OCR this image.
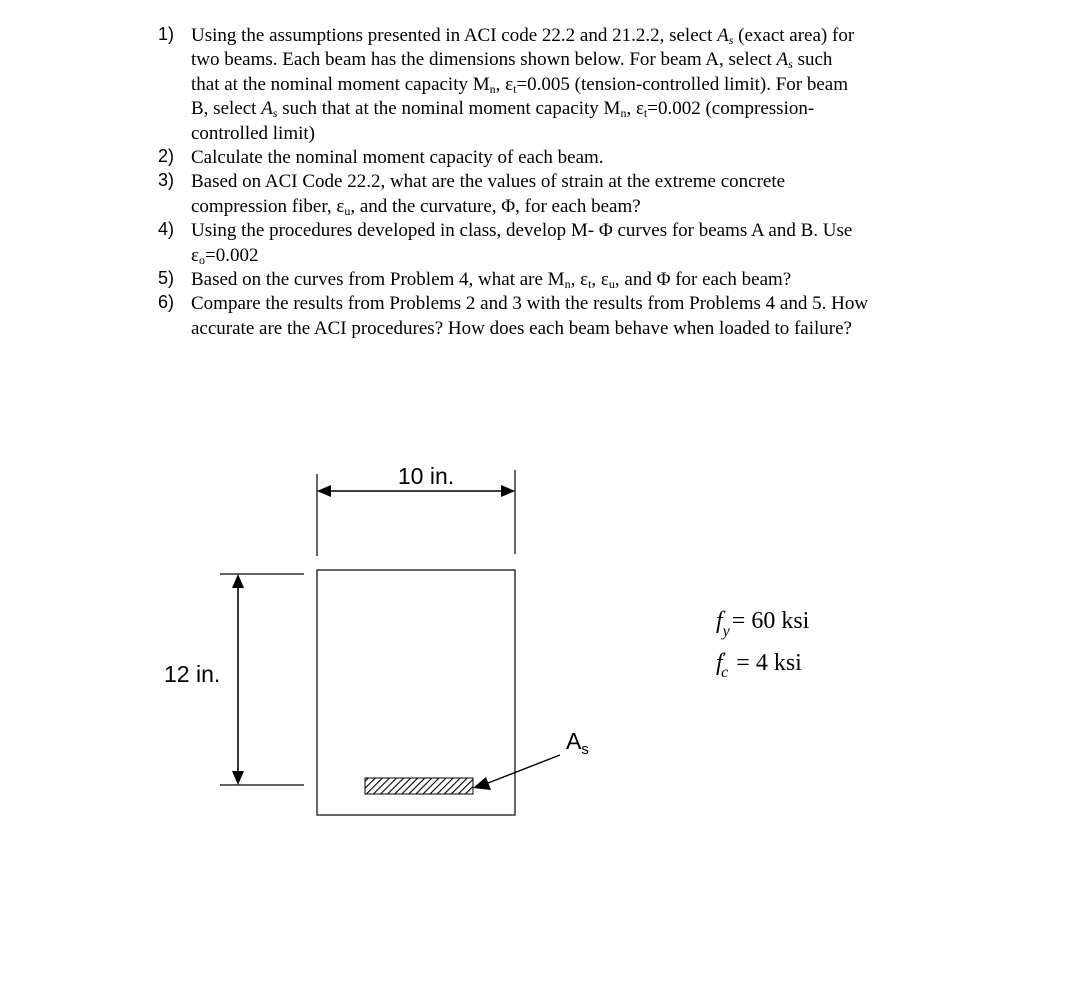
1) Using the assumptions presented in ACI code 22.2 and 21.2.2, select $A_s$ (exact area) for
two beams. Each beam has the dimensions shown below. For beam A, select $A_s$ such
that at the nominal moment capacity $M_n$, $\varepsilon_t=0.005$ (tension-controlled limit). For beam
B, select $A_s$ such that at the nominal moment capacity $M_n$, $\varepsilon_t=0.002$ (compression-
controlled limit)
2) Calculate the nominal moment capacity of each beam.
3) Based on ACI Code 22.2, what are the values of strain at the extreme concrete
compression fiber, $\varepsilon_u$, and the curvature, Φ, for each beam?
4) Using the procedures developed in class, develop M- Φ curves for beams A and B. Use
$\varepsilon_o=0.002$
5) Based on the curves from Problem 4, what are $M_n$, $\varepsilon_t$, $\varepsilon_u$, and Φ for each beam?
6) Compare the results from Problems 2 and 3 with the results from Problems 4 and 5. How
accurate are the ACI procedures? How does each beam behave when loaded to failure?
10 in.
12 in.
$A_s$
$f_y= 60$ ksi
f′ c = 4 ksi
